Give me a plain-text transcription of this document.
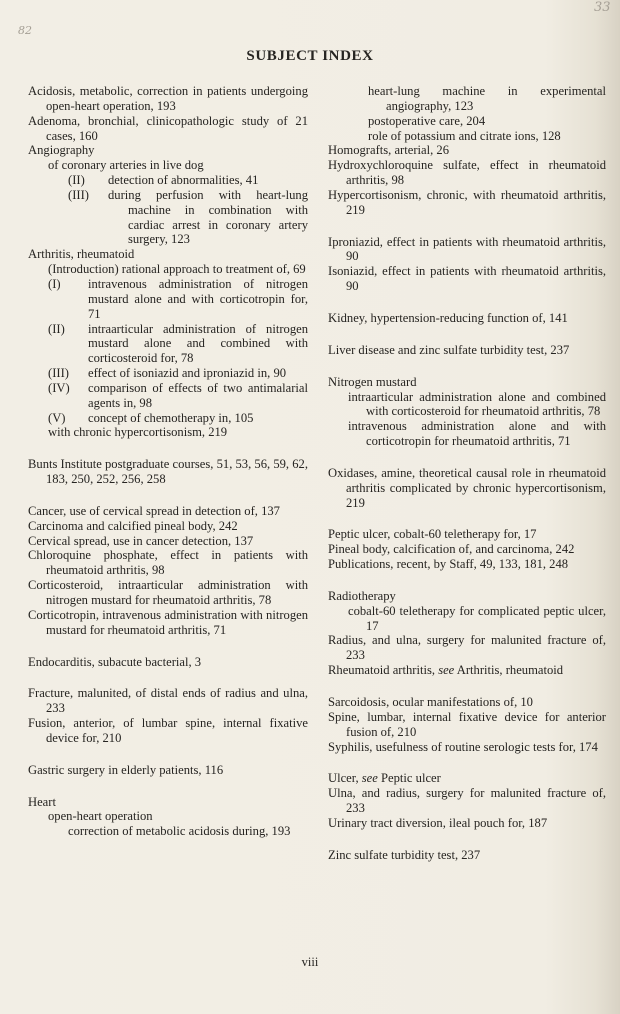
82
33
SUBJECT INDEX

Acidosis, metabolic, correction in patients undergoing open-heart operation, 193

Adenoma, bronchial, clinicopathologic study of 21 cases, 160

Angiography

of coronary arteries in live dog

(II) detection of abnormalities, 41

(III) during perfusion with heart-lung machine in combination with cardiac arrest in coronary artery surgery, 123

Arthritis, rheumatoid

(Introduction) rational approach to treatment of, 69

(I) intravenous administration of nitrogen mustard alone and with corticotropin for, 71

(II) intraarticular administration of nitrogen mustard alone and combined with corticosteroid for, 78

(III) effect of isoniazid and iproniazid in, 90

(IV) comparison of effects of two antimalarial agents in, 98

(V) concept of chemotherapy in, 105

with chronic hypercortisonism, 219

Bunts Institute postgraduate courses, 51, 53, 56, 59, 62, 183, 250, 252, 256, 258

Cancer, use of cervical spread in detection of, 137

Carcinoma and calcified pineal body, 242

Cervical spread, use in cancer detection, 137

Chloroquine phosphate, effect in patients with rheumatoid arthritis, 98

Corticosteroid, intraarticular administration with nitrogen mustard for rheumatoid arthritis, 78

Corticotropin, intravenous administration with nitrogen mustard for rheumatoid arthritis, 71

Endocarditis, subacute bacterial, 3

Fracture, malunited, of distal ends of radius and ulna, 233

Fusion, anterior, of lumbar spine, internal fixative device for, 210

Gastric surgery in elderly patients, 116

Heart

open-heart operation

correction of metabolic acidosis during, 193

heart-lung machine in experimental angiography, 123

postoperative care, 204

role of potassium and citrate ions, 128

Homografts, arterial, 26

Hydroxychloroquine sulfate, effect in rheumatoid arthritis, 98

Hypercortisonism, chronic, with rheumatoid arthritis, 219

Iproniazid, effect in patients with rheumatoid arthritis, 90

Isoniazid, effect in patients with rheumatoid arthritis, 90

Kidney, hypertension-reducing function of, 141

Liver disease and zinc sulfate turbidity test, 237

Nitrogen mustard

intraarticular administration alone and combined with corticosteroid for rheumatoid arthritis, 78

intravenous administration alone and with corticotropin for rheumatoid arthritis, 71

Oxidases, amine, theoretical causal role in rheumatoid arthritis complicated by chronic hypercortisonism, 219

Peptic ulcer, cobalt-60 teletherapy for, 17

Pineal body, calcification of, and carcinoma, 242

Publications, recent, by Staff, 49, 133, 181, 248

Radiotherapy

cobalt-60 teletherapy for complicated peptic ulcer, 17

Radius, and ulna, surgery for malunited fracture of, 233

Rheumatoid arthritis, see Arthritis, rheumatoid

Sarcoidosis, ocular manifestations of, 10

Spine, lumbar, internal fixative device for anterior fusion of, 210

Syphilis, usefulness of routine serologic tests for, 174

Ulcer, see Peptic ulcer

Ulna, and radius, surgery for malunited fracture of, 233

Urinary tract diversion, ileal pouch for, 187

Zinc sulfate turbidity test, 237

viii
